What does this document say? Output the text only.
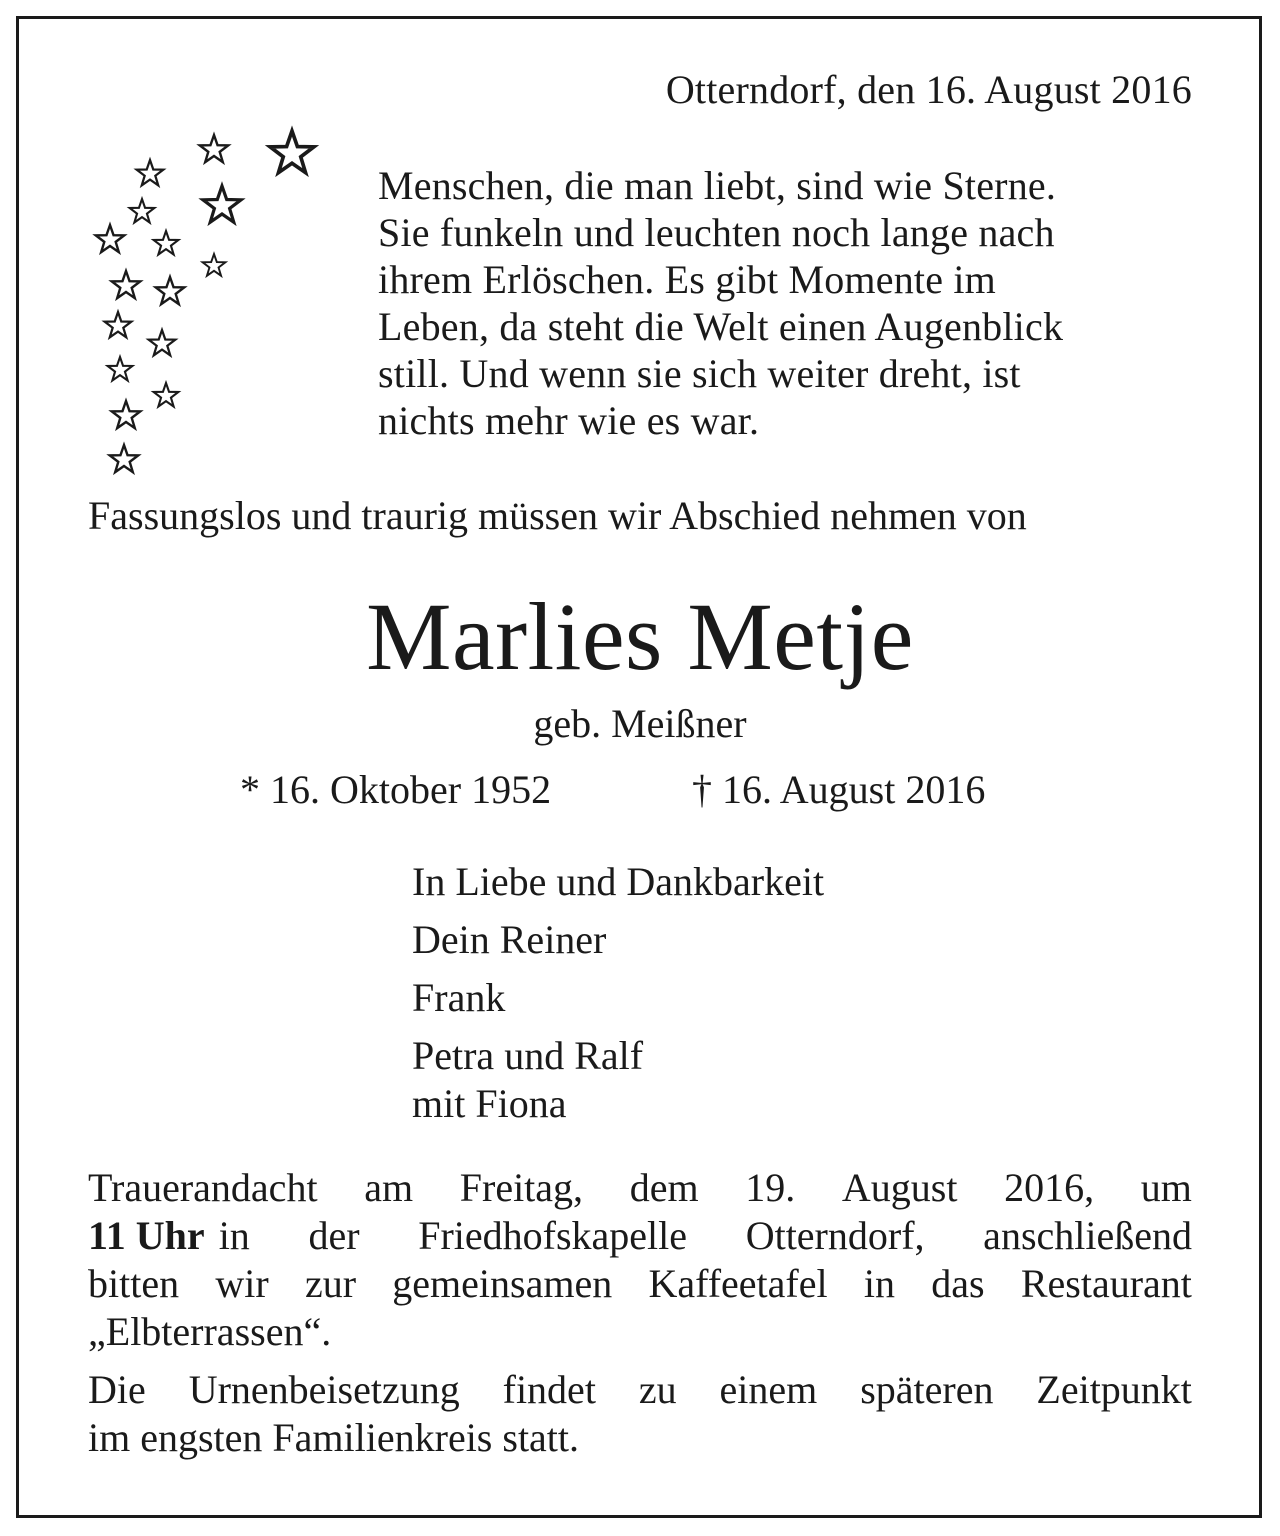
Otterndorf, den 16. August 2016
Menschen, die man liebt, sind wie Sterne.
Sie funkeln und leuchten noch lange nach
ihrem Erlöschen. Es gibt Momente im
Leben, da steht die Welt einen Augenblick
still. Und wenn sie sich weiter dreht, ist
nichts mehr wie es war.
Fassungslos und traurig müssen wir Abschied nehmen von
Marlies Metje
geb. Meißner
* 16. Oktober 1952	† 16. August 2016
In Liebe und Dankbarkeit
Dein Reiner
Frank
Petra und Ralf
mit Fiona
Trauerandacht am Freitag, dem 19. August 2016, um
11 Uhr in der Friedhofskapelle Otterndorf, anschließend
bitten wir zur gemeinsamen Kaffeetafel in das Restaurant
„Elbterrassen“.
Die Urnenbeisetzung findet zu einem späteren Zeitpunkt
im engsten Familienkreis statt.
